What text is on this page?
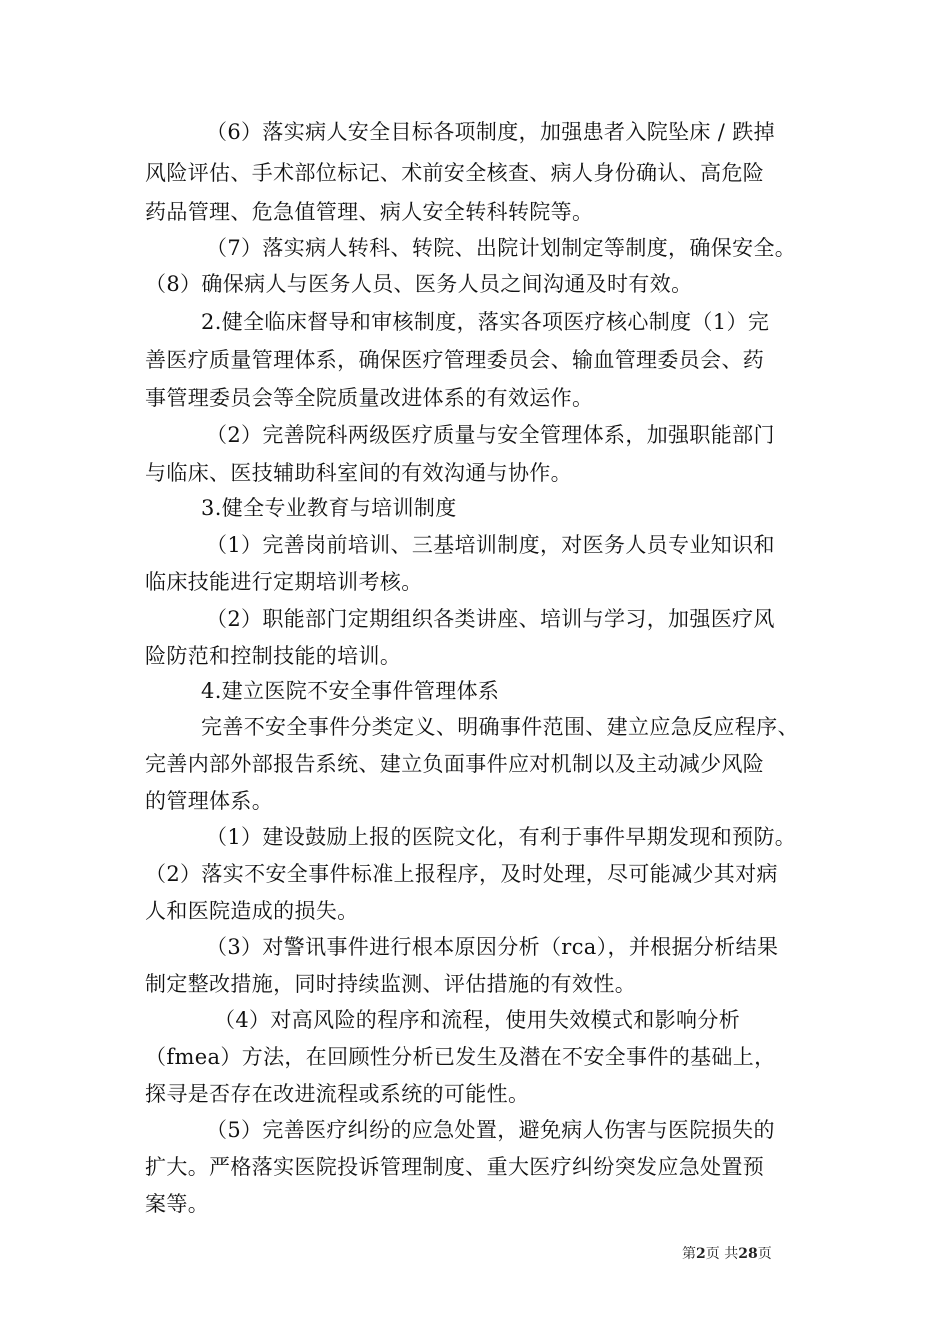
（6）落实病人安全目标各项制度，加强患者入院坠床 / 跌掉
风险评估、手术部位标记、术前安全核查、病人身份确认、高危险
药品管理、危急值管理、病人安全转科转院等。
（7）落实病人转科、转院、出院计划制定等制度，确保安全。
（8）确保病人与医务人员、医务人员之间沟通及时有效。
2.健全临床督导和审核制度，落实各项医疗核心制度（1）完
善医疗质量管理体系，确保医疗管理委员会、输血管理委员会、药
事管理委员会等全院质量改进体系的有效运作。
（2）完善院科两级医疗质量与安全管理体系，加强职能部门
与临床、医技辅助科室间的有效沟通与协作。
3.健全专业教育与培训制度
（1）完善岗前培训、三基培训制度，对医务人员专业知识和
临床技能进行定期培训考核。
（2）职能部门定期组织各类讲座、培训与学习，加强医疗风
险防范和控制技能的培训。
4.建立医院不安全事件管理体系
完善不安全事件分类定义、明确事件范围、建立应急反应程序、
完善内部外部报告系统、建立负面事件应对机制以及主动减少风险
的管理体系。
（1）建设鼓励上报的医院文化，有利于事件早期发现和预防。
（2）落实不安全事件标准上报程序，及时处理，尽可能减少其对病
人和医院造成的损失。
（3）对警讯事件进行根本原因分析（rca），并根据分析结果
制定整改措施，同时持续监测、评估措施的有效性。
（4）对高风险的程序和流程，使用失效模式和影响分析
（fmea）方法，在回顾性分析已发生及潜在不安全事件的基础上，
探寻是否存在改进流程或系统的可能性。
（5）完善医疗纠纷的应急处置，避免病人伤害与医院损失的
扩大。严格落实医院投诉管理制度、重大医疗纠纷突发应急处置预
案等。
第2页 共28页
